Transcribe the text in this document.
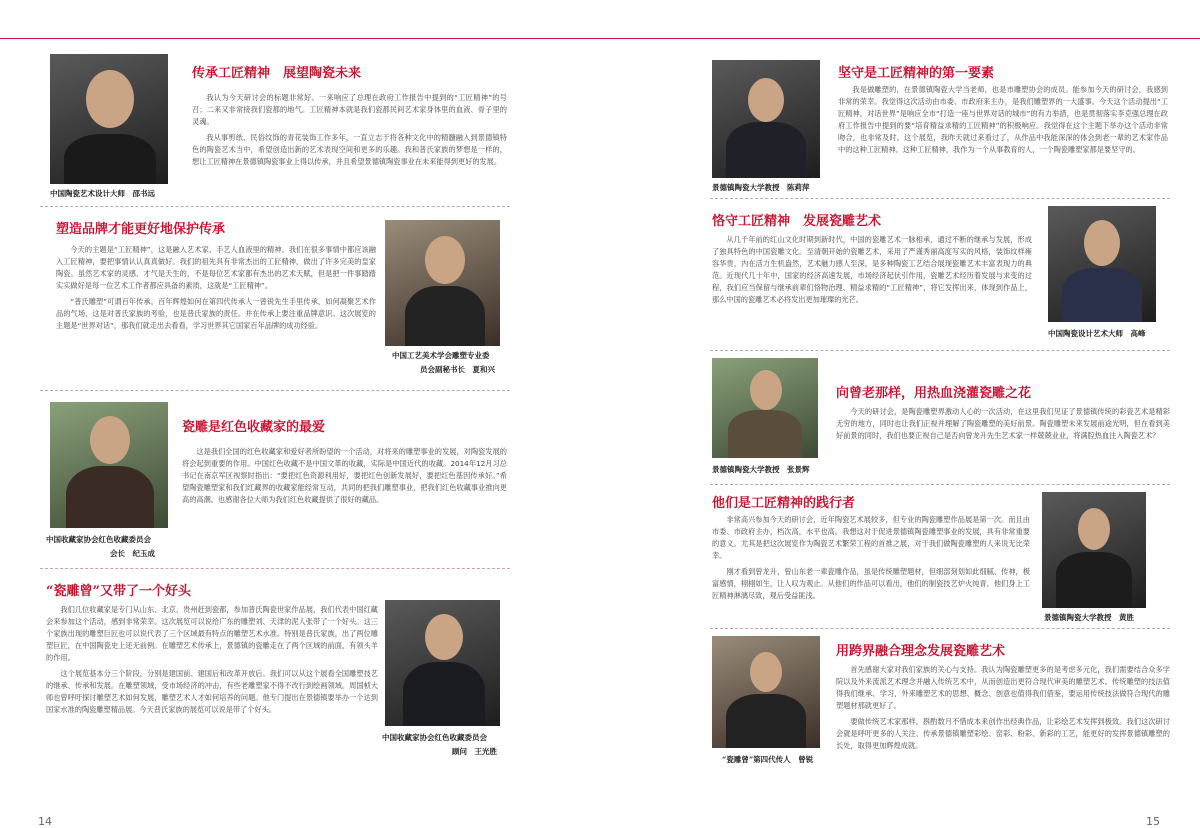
中国陶瓷艺术设计大师　邵书远
传承工匠精神　展望陶瓷未来

我认为今天研讨会的标题非常好。一来响应了总理在政府工作报告中提到的“工匠精神”的号召；二来又非常接我们瓷都的地气。工匠精神本就是我们瓷都民间艺术家身体里的血液、骨子里的灵魂。

我从事剪纸、民俗纹饰的青花装饰工作多年，一直立志于将各种文化中的精髓融入到景德镇特色的陶瓷艺术当中，希望创造出新的艺术表现空间和更多的乐趣。我和普氏家族的梦想是一样的，想让工匠精神在景德镇陶瓷事业上得以传承，并且希望景德镇陶瓷事业在未来能得到更好的发展。

塑造品牌才能更好地保护传承

今天的主题是“工匠精神”，这是融入艺术家、手艺人血液里的精神。我们在很多事情中都应该融入工匠精神，要把事情认认真真做好。我们的祖先具有非常杰出的工匠精神，做出了许多完美的皇家陶瓷。虽然艺术家的灵感、才气是天生的，不是每位艺术家都有杰出的艺术天赋，但是把一件事踏踏实实做好是每一位艺术工作者都应具备的素质，这就是“工匠精神”。

“普氏雕塑”可谓百年传承。百年辉煌如何在第四代传承人一曾锐先生手里传承，如何凝聚艺术作品的气场，这是对普氏家族的考验，也是普氏家族的责任。并在传承上要注重品牌意识。这次展览的主题是“世界对话”，那我们就走出去看看，学习世界其它国家百年品牌的成功经验。

中国工艺美术学会雕塑专业委
员会副秘书长　夏和兴
中国收藏家协会红色收藏委员会
会长　纪玉成
瓷雕是红色收藏家的最爱

这是我们全国的红色收藏家和爱好者所盼望的一个活动，对将来的雕塑事业的发展，对陶瓷发展的将会起到重要的作用。中国红色收藏不是中国文革的收藏，实际是中国近代的收藏。2014年12月习总书记在南京军区视察时指出：“要把红色资源利用好，要把红色创新发展好，要把红色基因传承好。”希望陶瓷雕塑家和我们红藏界的收藏家能经常互动，共同的把我们雕塑事业，把我们红色收藏事业推向更高的高潮。也感谢各位大师为我们红色收藏提供了很好的藏品。

“瓷雕曾”又带了一个好头

我们几位收藏家是专门从山东、北京、贵州赶到瓷都，参加普氏陶瓷世家作品展，我们代表中国红藏会来参加这个活动，感到非常荣幸。这次展览可以说给广东的雕塑刘、天津的泥人张带了一个好头。这三个家族出现的雕塑巨匠也可以说代表了三个区域最有特点的雕塑艺术水准。特别是普氏家族，出了两位雕塑巨匠，在中国陶瓷史上还无前例。在雕塑艺术传承上，景德镇的瓷雕走在了两个区域的前面，有领头羊的作用。

这个展览基本分三个阶段，分别是建国前、建国后和改革开放后。我们可以从这个展看全国雕塑技艺的继承、传承和发展。在雕塑领域，受市场经济的冲击，有些老雕塑家不得不改行到绘画领域。周国桢大师也曾呼吁探讨雕塑艺术如何发展，雕塑艺术人才如何培养的问题。他专门提出在景德镇要举办一个达到国家水准的陶瓷雕塑精品展。今天普氏家族的展览可以说是带了个好头。

中国收藏家协会红色收藏委员会
顾问　王光胜
14
景德镇陶瓷大学教授　陈莉萍
坚守是工匠精神的第一要素

我是做雕塑的，在景德镇陶瓷大学当老师，也是市雕塑协会的成员。能参加今天的研讨会，我感到非常的荣幸。我觉得这次活动由市委、市政府来主办，是我们雕塑界的一大盛事。今天这个活动提出“工匠精神，对话世界”是响应全市“打造一座与世界对话的城市”的有力举措，也是贯彻落实李克强总理在政府工作报告中提到的要“培育精益求精的工匠精神”的积极响应。我觉得在这个主题下举办这个活动非常吻合，也非常及时。这个展览，我昨天就过来看过了，从作品中我能深深的体会到老一辈的艺术家作品中的这种工匠精神。这种工匠精神，我作为一个从事教育的人，一个陶瓷雕塑家都是要坚守的。

恪守工匠精神　发展瓷雕艺术

从几千年前的红山文化时期到新时代，中国的瓷雕艺术一脉相承，通过不断的继承与发展，形成了独具特色的中国瓷雕文化。至清朝开始的瓷雕艺术，采用了严谨秀丽高度写实的风格，装饰纹样雍容华贵，内在活力生机盎然，艺术魅力感人至深，是多种陶瓷工艺结合展现瓷雕艺术丰富表现力的典范。近现代几十年中，国家的经济高速发展，市场经济起伏引作用，瓷雕艺术经历着发展与求变的过程，我们应当保留与继承前辈们恪物治理、精益求精的“工匠精神”，将它发挥出来，体现到作品上，那么中国的瓷雕艺术必将发出更加璀璨的光芒。

中国陶瓷设计艺术大师　高峰
景德镇陶瓷大学教授　张景辉
向曾老那样，用热血浇灌瓷雕之花

今天的研讨会，是陶瓷雕塑界激动人心的一次活动，在这里我们见证了景德镇传统的彩瓷艺术是精彩无穷的地方，同时也让我们正视并理解了陶瓷雕塑的美好前景。陶瓷雕塑未来发展前途光明，但在看到美好前景的同时，我们也要正视自己是否向曾龙升先生艺术家一样兢兢业业，将满腔热血注入陶瓷艺术？

他们是工匠精神的践行者

非常高兴参加今天的研讨会，近年陶瓷艺术展较多，但专业的陶瓷雕塑作品展是第一次。而且由市委、市政府主办，档次高，水平也高。我想这对于促进景德镇陶瓷雕塑事业的发展，具有非常重要的意义。尤其是把这次展览作为陶瓷艺术繁荣工程的首推之展，对于我们做陶瓷雕塑的人来说无比荣幸。

刚才看到曾龙升、曾山东老一辈瓷雕作品，虽是传统雕塑题材，但细部刻划如此细腻、传神，极富感情，栩栩如生，让人叹为观止。从他们的作品可以看出，他们的制瓷技艺炉火纯青，他们身上工匠精神淋漓尽致，观后受益匪浅。

景德镇陶瓷大学教授　黄胜
“瓷雕曾”第四代传人　曾锐
用跨界融合理念发展瓷雕艺术

首先感谢大家对我们家族的关心与支持。我认为陶瓷雕塑更多的是考虑多元化，我们需要结合众多学院以及外来流派艺术理念并融入传统艺术中，从而创造出更符合现代审美的雕塑艺术。传统雕塑的技法值得我们继承、学习，外来雕塑艺术的思想、概念、创意也值得我们借鉴，要运用传统技法做符合现代的雕塑题材那就更好了。

要做传统艺术家那样，斟酌数月不惜成本来创作出经典作品，让彩绘艺术发挥到极致。我们这次研讨会就是呼吁更多的人关注、传承景德镇雕塑彩绘、窑彩、粉彩、新彩的工艺，能更好的发挥景德镇雕塑的长处，取得更加辉煌成就。

15
